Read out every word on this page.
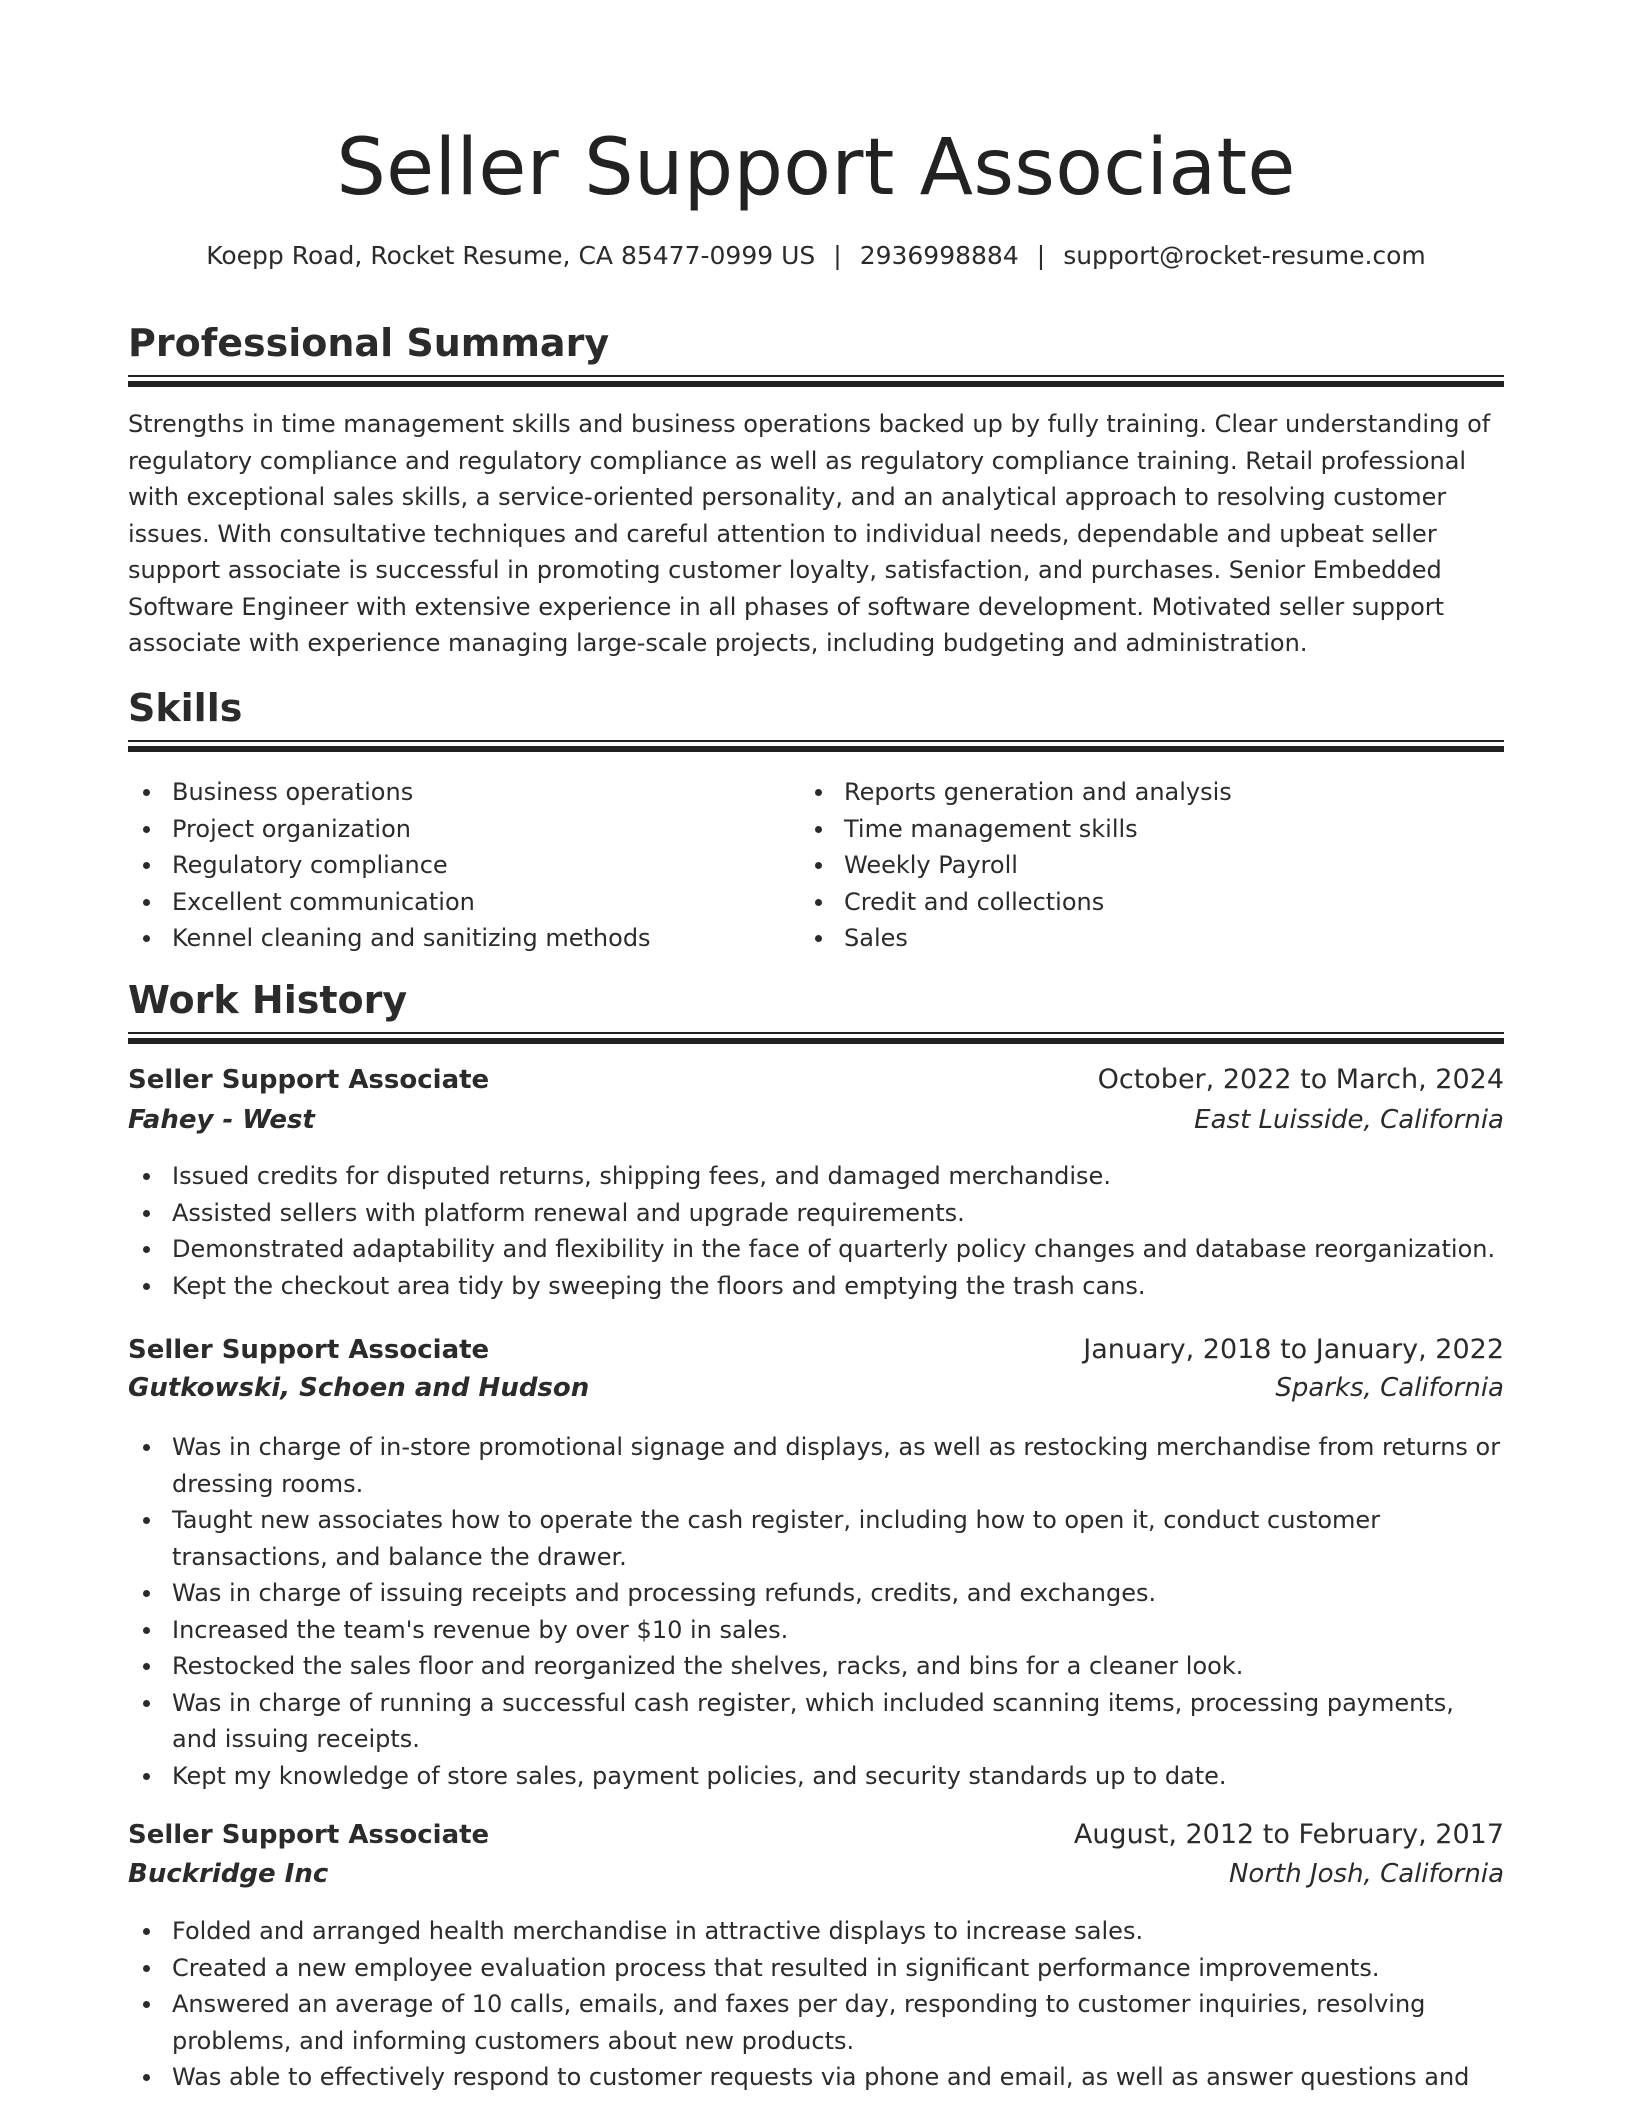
Seller Support Associate
Koepp Road, Rocket Resume, CA 85477-0999 US | 2936998884 | support@rocket-resume.com
Professional Summary

Strengths in time management skills and business operations backed up by fully training. Clear understanding of regulatory compliance and regulatory compliance as well as regulatory compliance training. Retail professional with exceptional sales skills, a service-oriented personality, and an analytical approach to resolving customer issues. With consultative techniques and careful attention to individual needs, dependable and upbeat seller support associate is successful in promoting customer loyalty, satisfaction, and purchases. Senior Embedded Software Engineer with extensive experience in all phases of software development. Motivated seller support associate with experience managing large-scale projects, including budgeting and administration.

Skills
Business operations
Project organization
Regulatory compliance
Excellent communication
Kennel cleaning and sanitizing methods
Reports generation and analysis
Time management skills
Weekly Payroll
Credit and collections
Sales
Work History
Seller Support Associate	October, 2022 to March, 2024
Fahey - West	East Luisside, California
Issued credits for disputed returns, shipping fees, and damaged merchandise.
Assisted sellers with platform renewal and upgrade requirements.
Demonstrated adaptability and flexibility in the face of quarterly policy changes and database reorganization.
Kept the checkout area tidy by sweeping the floors and emptying the trash cans.
Seller Support Associate	January, 2018 to January, 2022
Gutkowski, Schoen and Hudson	Sparks, California
Was in charge of in-store promotional signage and displays, as well as restocking merchandise from returns or dressing rooms.
Taught new associates how to operate the cash register, including how to open it, conduct customer transactions, and balance the drawer.
Was in charge of issuing receipts and processing refunds, credits, and exchanges.
Increased the team's revenue by over $10 in sales.
Restocked the sales floor and reorganized the shelves, racks, and bins for a cleaner look.
Was in charge of running a successful cash register, which included scanning items, processing payments, and issuing receipts.
Kept my knowledge of store sales, payment policies, and security standards up to date.
Seller Support Associate	August, 2012 to February, 2017
Buckridge Inc	North Josh, California
Folded and arranged health merchandise in attractive displays to increase sales.
Created a new employee evaluation process that resulted in significant performance improvements.
Answered an average of 10 calls, emails, and faxes per day, responding to customer inquiries, resolving problems, and informing customers about new products.
Was able to effectively respond to customer requests via phone and email, as well as answer questions and
